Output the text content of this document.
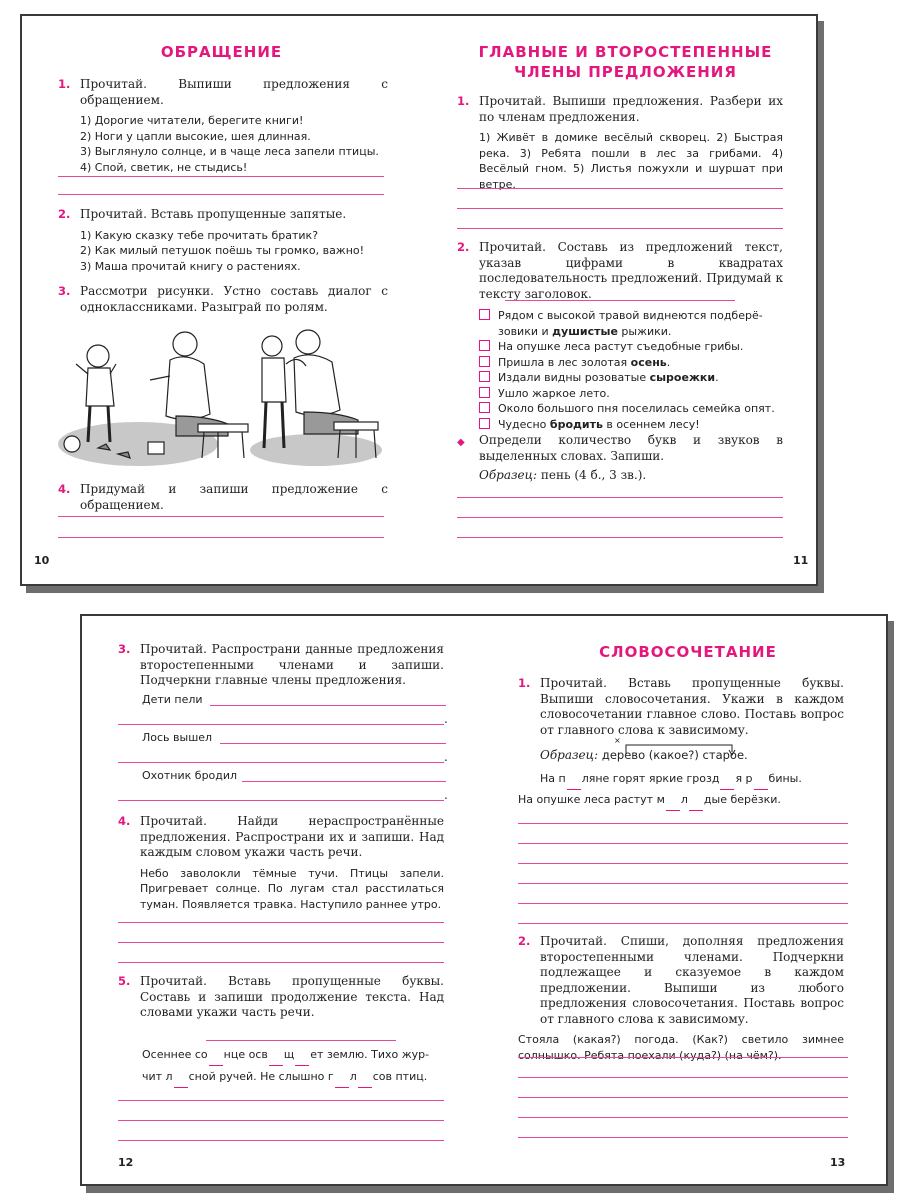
ОБРАЩЕНИЕ
1. Прочитай. Выпиши предложения с обращением.
1) Дорогие читатели, берегите книги!
2) Ноги у цапли высокие, шея длинная.
3) Выглянуло солнце, и в чаще леса запели птицы.
4) Спой, светик, не стыдись!
2. Прочитай. Вставь пропущенные запятые.
1) Какую сказку тебе прочитать братик?
2) Как милый петушок поёшь ты громко, важно!
3) Маша прочитай книгу о растениях.
3. Рассмотри рисунки. Устно составь диалог с одноклассниками. Разыграй по ролям.
4. Придумай и запиши предложение с обращением.
10
ГЛАВНЫЕ И ВТОРОСТЕПЕННЫЕ
ЧЛЕНЫ ПРЕДЛОЖЕНИЯ
1. Прочитай. Выпиши предложения. Разбери их по членам предложения.
1) Живёт в домике весёлый скворец. 2) Быстрая река. 3) Ребята пошли в лес за грибами. 4) Весёлый гном. 5) Листья пожухли и шуршат при ветре.
2. Прочитай. Составь из предложений текст, указав цифрами в квадратах последовательность предложений. Придумай к тексту заголовок.
Рядом с высокой травой виднеются подберё-
зовики и душистые рыжики.
На опушке леса растут съедобные грибы.
Пришла в лес золотая осень.
Издали видны розоватые сыроежки.
Ушло жаркое лето.
Около большого пня поселилась семейка опят.
Чудесно бродить в осеннем лесу!
◆ Определи количество букв и звуков в выделенных словах. Запиши.
Образец: пень (4 б., 3 зв.).
11
3. Прочитай. Распространи данные предложения второстепенными членами и запиши. Подчеркни главные члены предложения.
Дети пели
.
Лось вышел
.
Охотник бродил
.
4. Прочитай. Найди нераспространённые предложения. Распространи их и запиши. Над каждым словом укажи часть речи.
Небо заволокли тёмные тучи. Птицы запели. Пригревает солнце. По лугам стал расстилаться туман. Появляется травка. Наступило раннее утро.
5. Прочитай. Вставь пропущенные буквы. Составь и запиши продолжение текста. Над словами укажи часть речи.
Осеннее со нце осв щ ет землю. Тихо жур-
чит л сной ручей. Не слышно г л сов птиц.
12
СЛОВОСОЧЕТАНИЕ
1. Прочитай. Вставь пропущенные буквы. Выпиши словосочетания. Укажи в каждом словосочетании главное слово. Поставь вопрос от главного слова к зависимому.
Образец: дерево (какое?) старое.
×
На п ляне горят яркие грозд я р бины.
На опушке леса растут м л дые берёзки.
2. Прочитай. Спиши, дополняя предложения второстепенными членами. Подчеркни подлежащее и сказуемое в каждом предложении. Выпиши из любого предложения словосочетания. Поставь вопрос от главного слова к зависимому.
Стояла (какая?) погода. (Как?) светило зимнее солнышко. Ребята поехали (куда?) (на чём?).
13
